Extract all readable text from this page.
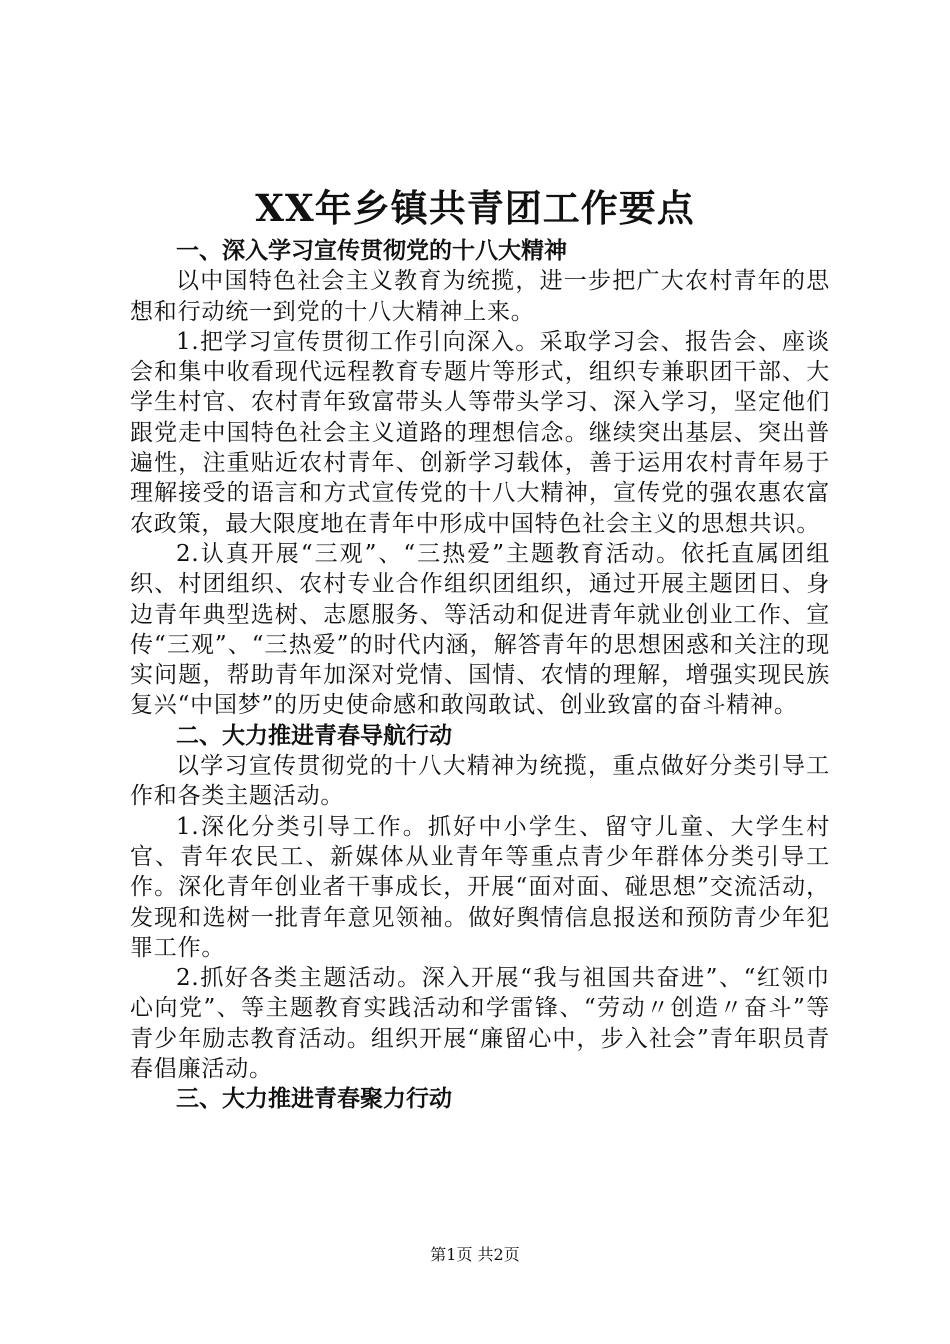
XX年乡镇共青团工作要点

一、深入学习宣传贯彻党的十八大精神

以中国特色社会主义教育为统揽，进一步把广大农村青年的思想和行动统一到党的十八大精神上来。

1.把学习宣传贯彻工作引向深入。采取学习会、报告会、座谈会和集中收看现代远程教育专题片等形式，组织专兼职团干部、大学生村官、农村青年致富带头人等带头学习、深入学习，坚定他们跟党走中国特色社会主义道路的理想信念。继续突出基层、突出普遍性，注重贴近农村青年、创新学习载体，善于运用农村青年易于理解接受的语言和方式宣传党的十八大精神，宣传党的强农惠农富农政策，最大限度地在青年中形成中国特色社会主义的思想共识。

2.认真开展“三观”、“三热爱”主题教育活动。依托直属团组织、村团组织、农村专业合作组织团组织，通过开展主题团日、身边青年典型选树、志愿服务、等活动和促进青年就业创业工作、宣传“三观”、“三热爱”的时代内涵，解答青年的思想困惑和关注的现实问题，帮助青年加深对党情、国情、农情的理解，增强实现民族复兴“中国梦”的历史使命感和敢闯敢试、创业致富的奋斗精神。

二、大力推进青春导航行动

以学习宣传贯彻党的十八大精神为统揽，重点做好分类引导工作和各类主题活动。

1.深化分类引导工作。抓好中小学生、留守儿童、大学生村官、青年农民工、新媒体从业青年等重点青少年群体分类引导工作。深化青年创业者干事成长，开展“面对面、碰思想”交流活动，发现和选树一批青年意见领袖。做好舆情信息报送和预防青少年犯罪工作。

2.抓好各类主题活动。深入开展“我与祖国共奋进”、“红领巾心向党”、等主题教育实践活动和学雷锋、“劳动〃创造〃奋斗”等青少年励志教育活动。组织开展“廉留心中，步入社会”青年职员青春倡廉活动。

三、大力推进青春聚力行动

第1页 共2页
